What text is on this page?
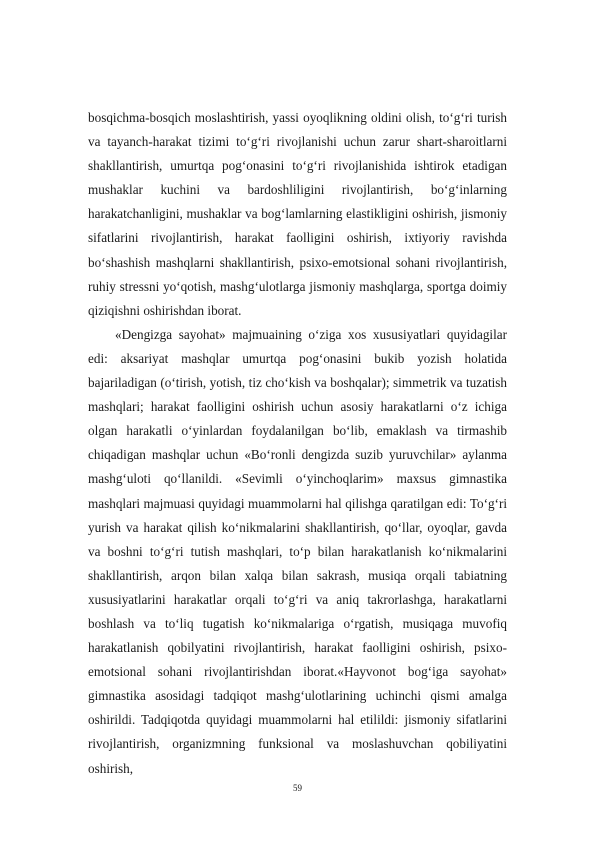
bosqichma-bosqich moslashtirish, yassi oyoqlikning oldini olish, to‘g‘ri turish va tayanch-harakat tizimi to‘g‘ri rivojlanishi uchun zarur shart-sharoitlarni shakllantirish, umurtqa pog‘onasini to‘g‘ri rivojlanishida ishtirok etadigan mushaklar kuchini va bardoshliligini rivojlantirish, bo‘g‘inlarning harakatchanligini, mushaklar va bog‘lamlarning elastikligini oshirish, jismoniy sifatlarini rivojlantirish, harakat faolligini oshirish, ixtiyoriy ravishda bo‘shashish mashqlarni shakllantirish, psixo-emotsional sohani rivojlantirish, ruhiy stressni yo‘qotish, mashg‘ulotlarga jismoniy mashqlarga, sportga doimiy qiziqishni oshirishdan iborat.

«Dengizga sayohat» majmuaining o‘ziga xos xususiyatlari quyidagilar edi: aksariyat mashqlar umurtqa pog‘onasini bukib yozish holatida bajariladigan (o‘tirish, yotish, tiz cho‘kish va boshqalar); simmetrik va tuzatish mashqlari; harakat faolligini oshirish uchun asosiy harakatlarni o‘z ichiga olgan harakatli o‘yinlardan foydalanilgan bo‘lib, emaklash va tirmashib chiqadigan mashqlar uchun «Bo‘ronli dengizda suzib yuruvchilar» aylanma mashg‘uloti qo‘llanildi. «Sevimli o‘yinchoqlarim» maxsus gimnastika mashqlari majmuasi quyidagi muammolarni hal qilishga qaratilgan edi: To‘g‘ri yurish va harakat qilish ko‘nikmalarini shakllantirish, qo‘llar, oyoqlar, gavda va boshni to‘g‘ri tutish mashqlari, to‘p bilan harakatlanish ko‘nikmalarini shakllantirish, arqon bilan xalqa bilan sakrash, musiqa orqali tabiatning xususiyatlarini harakatlar orqali to‘g‘ri va aniq takrorlashga, harakatlarni boshlash va to‘liq tugatish ko‘nikmalariga o‘rgatish, musiqaga muvofiq harakatlanish qobilyatini rivojlantirish, harakat faolligini oshirish, psixo-emotsional sohani rivojlantirishdan iborat.«Hayvonot bog‘iga sayohat» gimnastika asosidagi tadqiqot mashg‘ulotlarining uchinchi qismi amalga oshirildi. Tadqiqotda quyidagi muammolarni hal etilildi: jismoniy sifatlarini rivojlantirish, organizmning funksional va moslashuvchan qobiliyatini oshirish,

59
